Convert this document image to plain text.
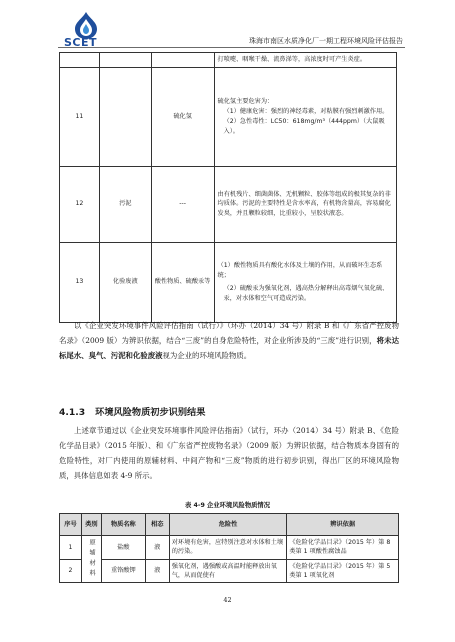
SCET	珠海市南区水质净化厂一期工程环境风险评估报告
			打喷嚏、咽喉干燥、流鼻涕等，高浓度时可产生炎症。
11		硫化氢	硫化氢主要危害为：
（1）健康危害：强烈的神经毒素，对粘膜有强烈刺激作用。
（2）急性毒性：LC50：618mg/m³（444ppm）（大鼠吸入）。

12	污泥	---	由有机残片、细菌菌体、无机颗粒、胶体等组成的极其复杂的非均质体。污泥的主要特性是含水率高，有机物含量高，容易腐化发臭，并且颗粒较细，比重较小，呈胶状液态。

13	化验废液	酸性物质、硫酸汞等	（1）酸性物质具有酸化水体及土壤的作用，从而破坏生态系统；
（2）硫酸汞为强氧化剂，遇高热分解释出高毒烟气氧化硫、汞，对水体和空气可造成污染。
以《企业突发环境事件风险评估指南（试行）》（环办（2014）34 号）附录 B 和《广东省严控废物名录》（2009 版）为辨识依据，结合“三废”的自身危险特性，对企业所涉及的“三废”进行识别，将未达标尾水、臭气、污泥和化验废液视为企业的环境风险物质。
4.1.3 环境风险物质初步识别结果
上述章节通过以《企业突发环境事件风险评估指南》（试行，环办（2014）34 号）附录 B、《危险化学品目录》（2015 年版）、和《广东省严控废物名录》（2009 版）为辨识依据，结合物质本身固有的危险特性，对厂内使用的原辅材料、中间产物和“三废”物质的进行初步识别，得出厂区的环境风险物质，具体信息如表 4-9 所示。
表 4-9 企业环境风险物质情况
序号	类别	物质名称	相态	危险性	辨识依据
1	原辅材料	盐酸	液	对环境有危害，应特别注意对水体和土壤的污染。	《危险化学品目录》（2015 年）第 8 类第 1 项酸性腐蚀品
2		重铬酸钾	液	强氧化剂，遇强酸或高温时能释放出氧气，从而促使有	《危险化学品目录》（2015 年）第 5 类第 1 项氧化剂
42
